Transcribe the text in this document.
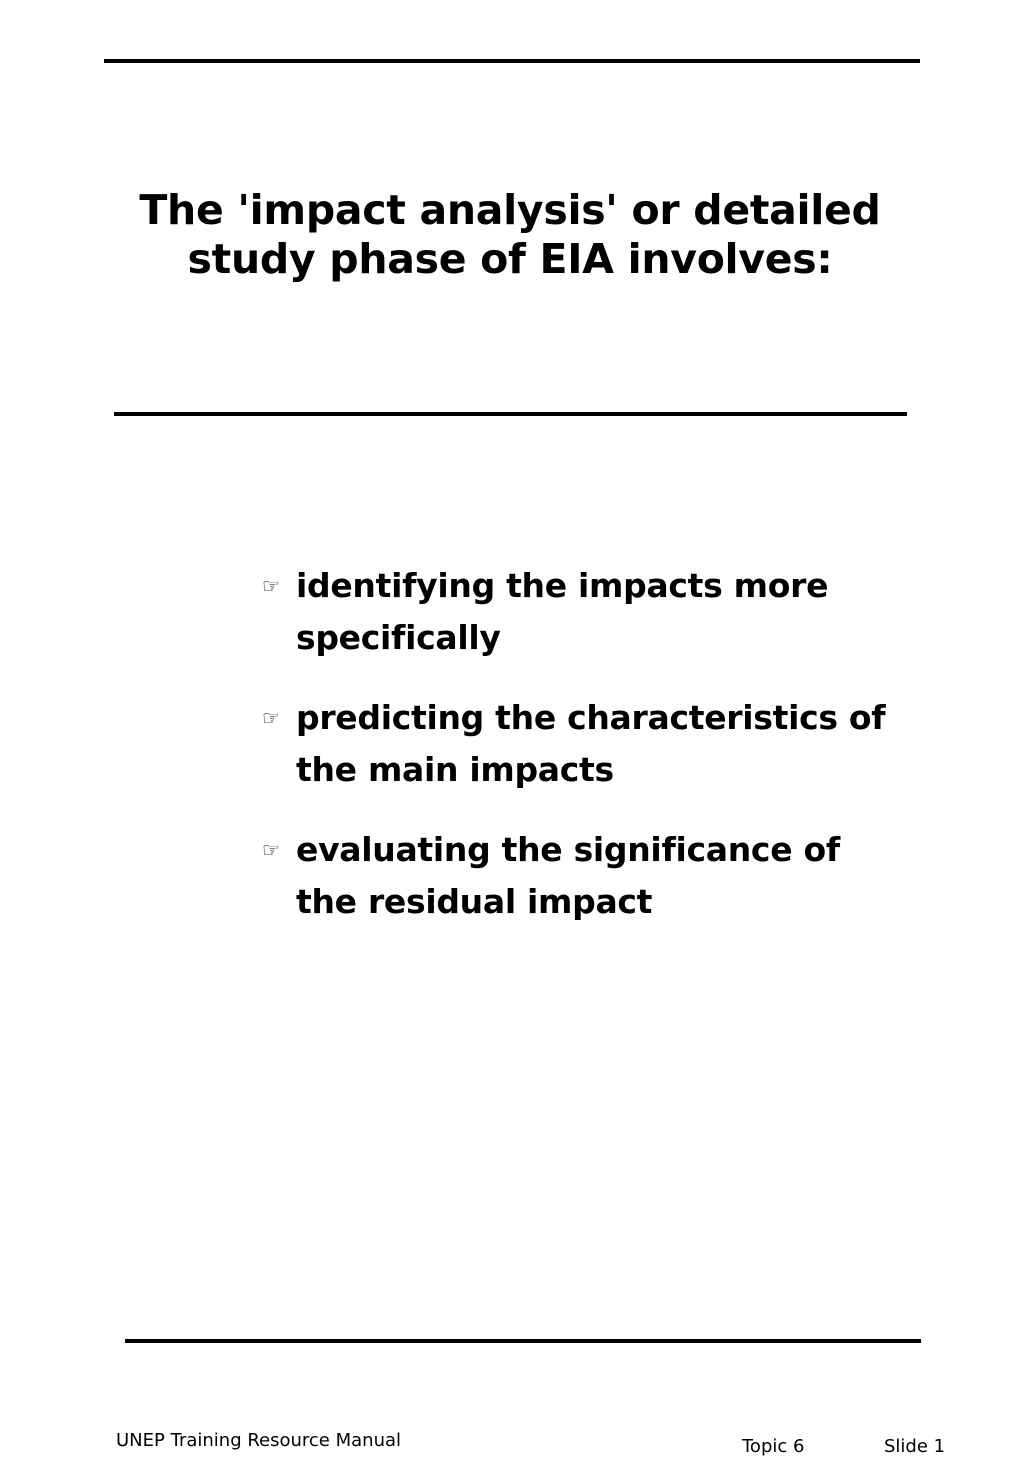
The 'impact analysis' or detailed
study phase of EIA involves:
☞ identifying the impacts more
specifically
☞ predicting the characteristics of
the main impacts
☞ evaluating the significance of
the residual impact
UNEP Training Resource Manual	Topic 6	Slide 1
